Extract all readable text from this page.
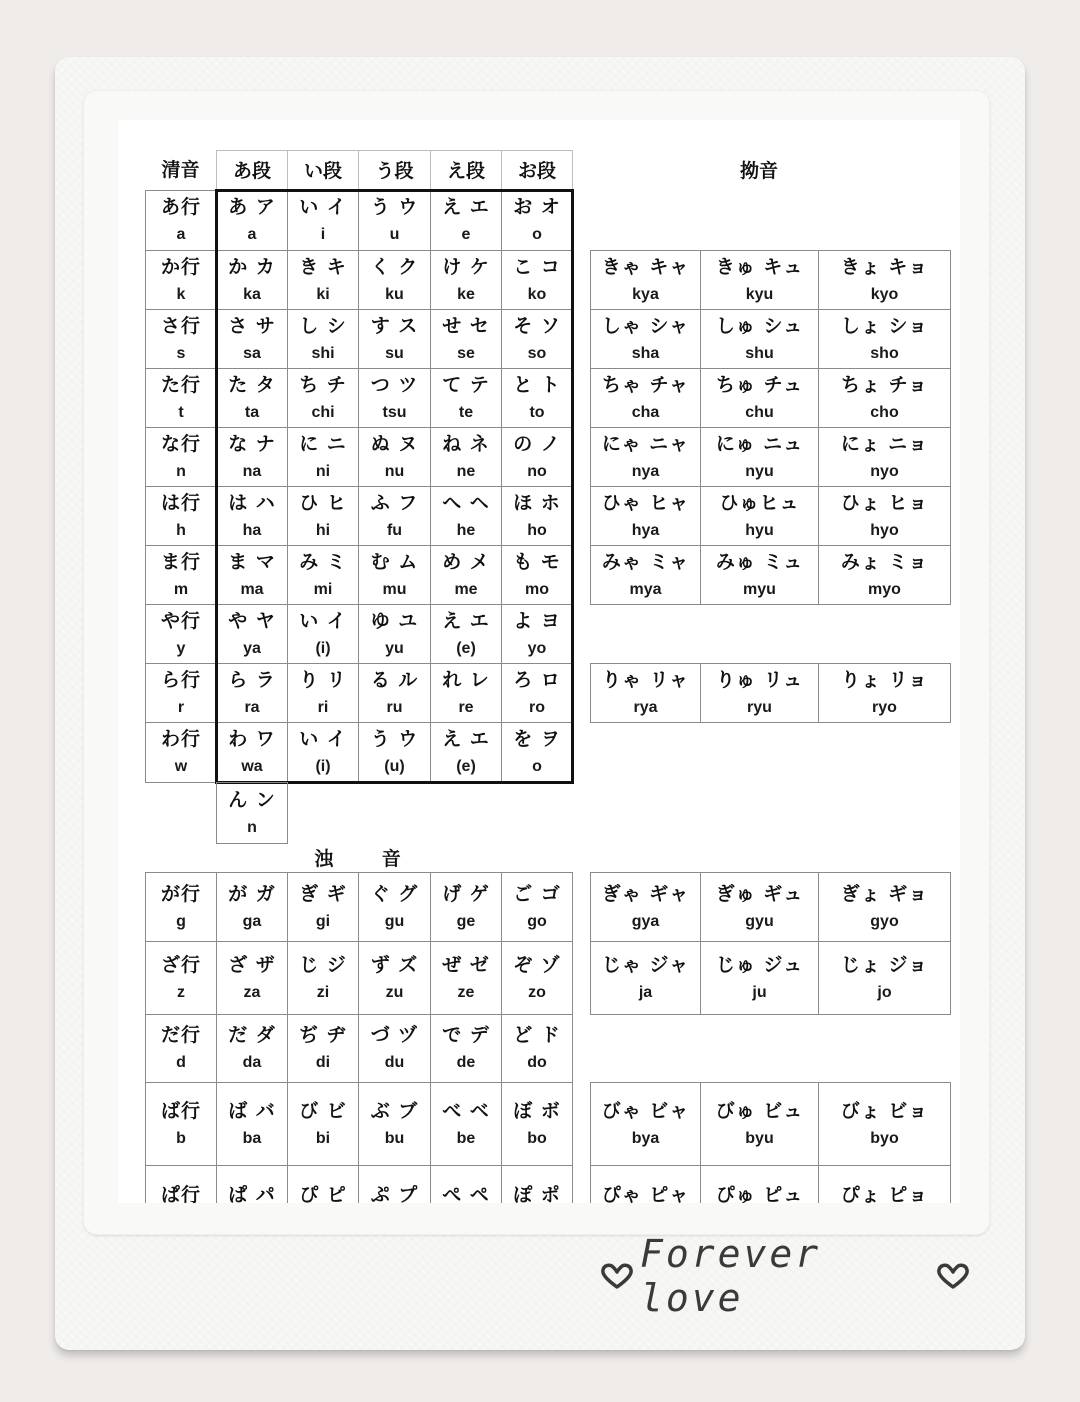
清音 あ段 い段 う段 え段 お段
あ行
a
あ ア
a
い イ
i
う ウ
u
え エ
e
お オ
o
か行
k
か カ
ka
き キ
ki
く ク
ku
け ケ
ke
こ コ
ko
さ行
s
さ サ
sa
し シ
shi
す ス
su
せ セ
se
そ ソ
so
た行
t
た タ
ta
ち チ
chi
つ ツ
tsu
て テ
te
と ト
to
な行
n
な ナ
na
に ニ
ni
ぬ ヌ
nu
ね ネ
ne
の ノ
no
は行
h
は ハ
ha
ひ ヒ
hi
ふ フ
fu
へ ヘ
he
ほ ホ
ho
ま行
m
ま マ
ma
み ミ
mi
む ム
mu
め メ
me
も モ
mo
や行
y
や ヤ
ya
い イ
(i)
ゆ ユ
yu
え エ
(e)
よ ヨ
yo
ら行
r
ら ラ
ra
り リ
ri
る ル
ru
れ レ
re
ろ ロ
ro
わ行
w
わ ワ
wa
い イ
(i)
う ウ
(u)
え エ
(e)
を ヲ
o
ん ン
n
拗音
きゃ キャ
kya
きゅ キュ
kyu
きょ キョ
kyo
しゃ シャ
sha
しゅ シュ
shu
しょ ショ
sho
ちゃ チャ
cha
ちゅ チュ
chu
ちょ チョ
cho
にゃ ニャ
nya
にゅ ニュ
nyu
にょ ニョ
nyo
ひゃ ヒャ
hya
ひゅヒュ
hyu
ひょ ヒョ
hyo
みゃ ミャ
mya
みゅ ミュ
myu
みょ ミョ
myo
りゃ リャ
rya
りゅ リュ
ryu
りょ リョ
ryo
浊 音
が行
g
が ガ
ga
ぎ ギ
gi
ぐ グ
gu
げ ゲ
ge
ご ゴ
go
ざ行
z
ざ ザ
za
じ ジ
zi
ず ズ
zu
ぜ ゼ
ze
ぞ ゾ
zo
だ行
d
だ ダ
da
ぢ ヂ
di
づ ヅ
du
で デ
de
ど ド
do
ば行
b
ば バ
ba
び ビ
bi
ぶ ブ
bu
べ ベ
be
ぼ ボ
bo
ぱ行
ぱ パ
ぴ ピ
ぷ プ
ぺ ペ
ぽ ポ

ぎゃ ギャ
gya
ぎゅ ギュ
gyu
ぎょ ギョ
gyo
じゃ ジャ
ja
じゅ ジュ
ju
じょ ジョ
jo
びゃ ビャ
bya
びゅ ビュ
byu
びょ ビョ
byo
ぴゃ ピャ
ぴゅ ピュ
ぴょ ピョ

Forever love
